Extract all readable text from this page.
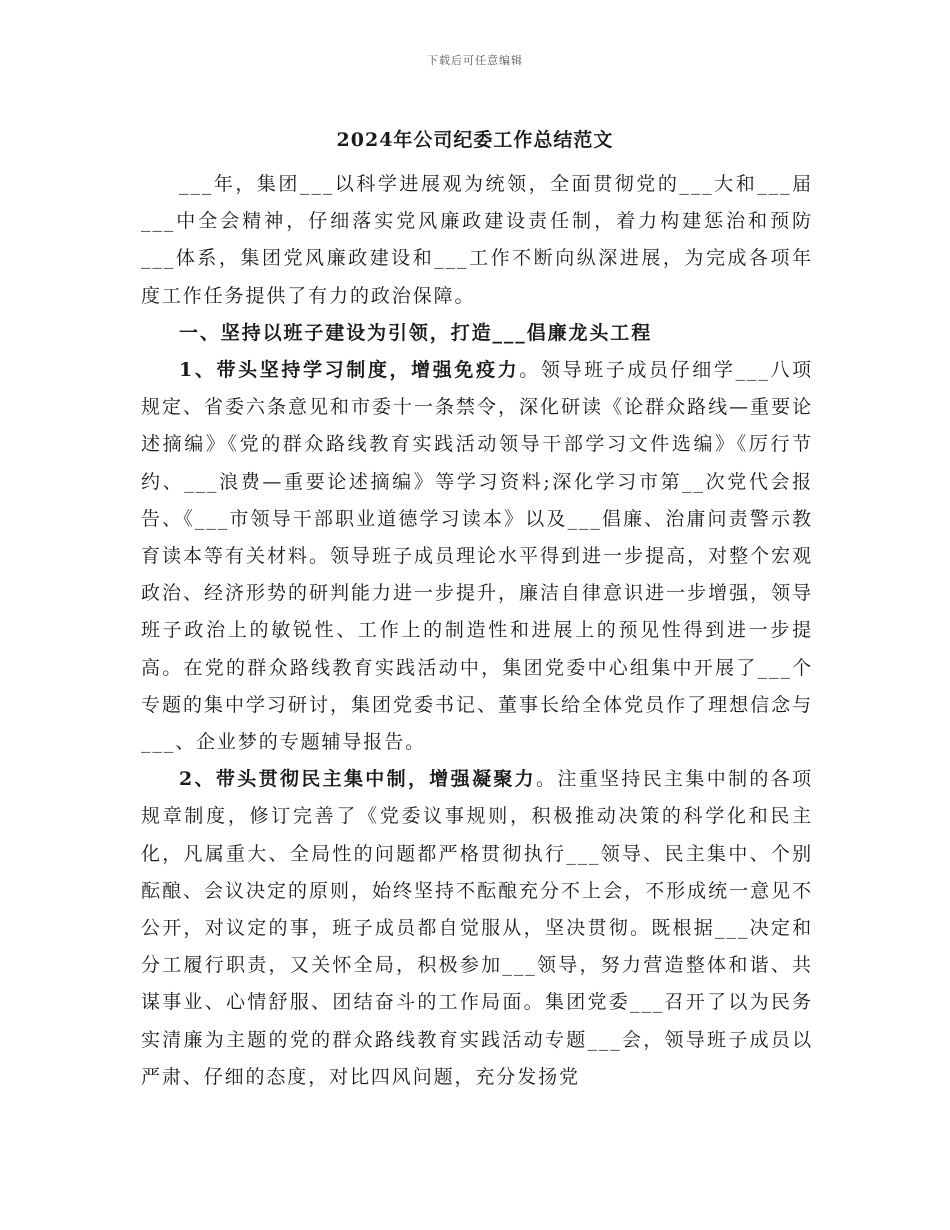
下载后可任意编辑
2024年公司纪委工作总结范文

___年，集团___以科学进展观为统领，全面贯彻党的___大和___届___中全会精神，仔细落实党风廉政建设责任制，着力构建惩治和预防___体系，集团党风廉政建设和___工作不断向纵深进展，为完成各项年度工作任务提供了有力的政治保障。

一、坚持以班子建设为引领，打造___倡廉龙头工程

1、带头坚持学习制度，增强免疫力。领导班子成员仔细学___八项规定、省委六条意见和市委十一条禁令，深化研读《论群众路线—重要论述摘编》《党的群众路线教育实践活动领导干部学习文件选编》《厉行节约、___浪费—重要论述摘编》等学习资料;深化学习市第__次党代会报告、《___市领导干部职业道德学习读本》以及___倡廉、治庸问责警示教育读本等有关材料。领导班子成员理论水平得到进一步提高，对整个宏观政治、经济形势的研判能力进一步提升，廉洁自律意识进一步增强，领导班子政治上的敏锐性、工作上的制造性和进展上的预见性得到进一步提高。在党的群众路线教育实践活动中，集团党委中心组集中开展了___个专题的集中学习研讨，集团党委书记、董事长给全体党员作了理想信念与___、企业梦的专题辅导报告。

2、带头贯彻民主集中制，增强凝聚力。注重坚持民主集中制的各项规章制度，修订完善了《党委议事规则，积极推动决策的科学化和民主化，凡属重大、全局性的问题都严格贯彻执行___领导、民主集中、个别酝酿、会议决定的原则，始终坚持不酝酿充分不上会，不形成统一意见不公开，对议定的事，班子成员都自觉服从，坚决贯彻。既根据___决定和分工履行职责，又关怀全局，积极参加___领导，努力营造整体和谐、共谋事业、心情舒服、团结奋斗的工作局面。集团党委___召开了以为民务实清廉为主题的党的群众路线教育实践活动专题___会，领导班子成员以严肃、仔细的态度，对比四风问题，充分发扬党
